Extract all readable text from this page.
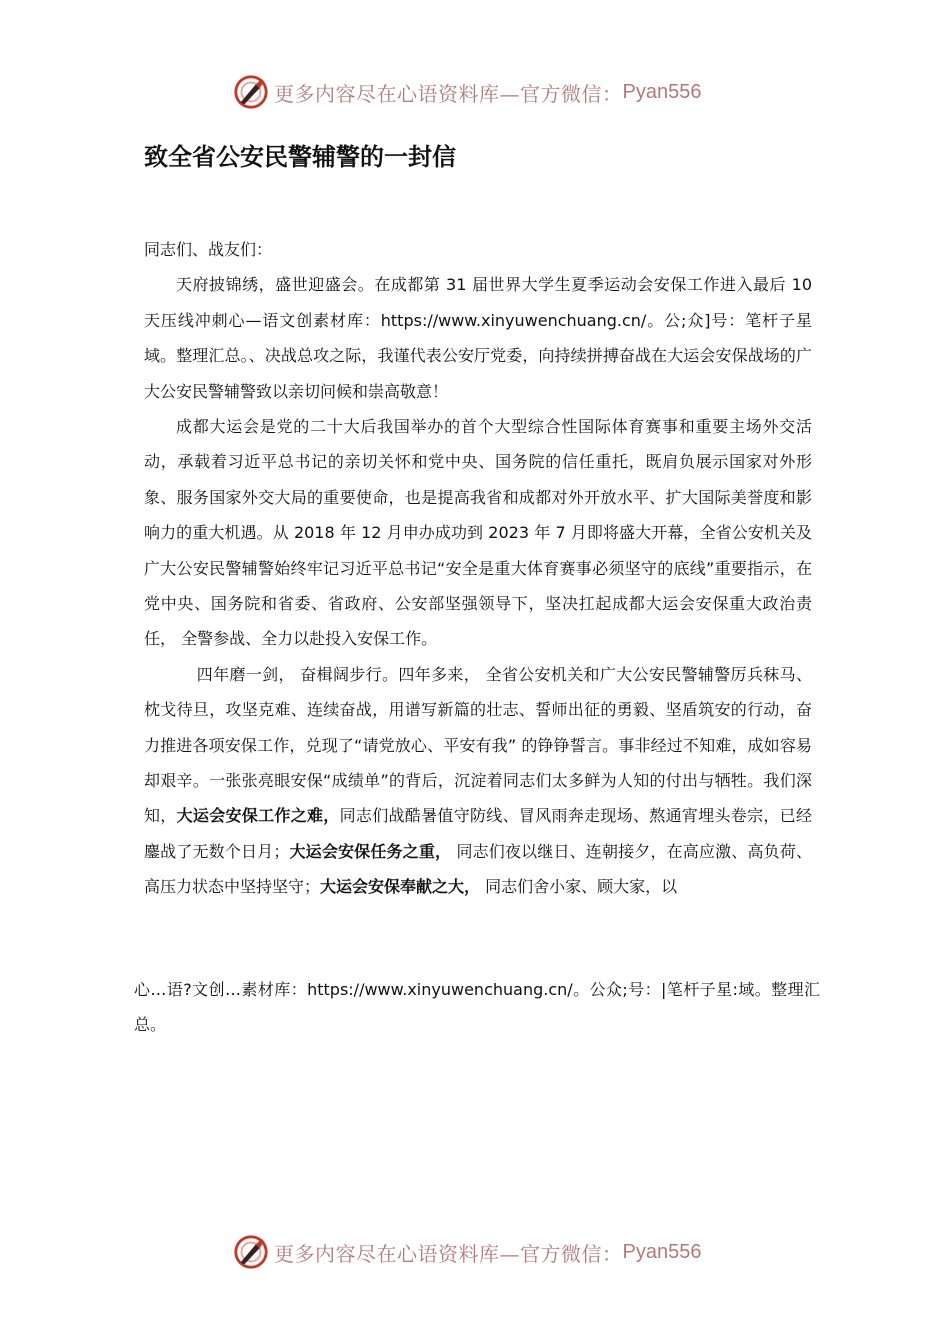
更多内容尽在心语资料库—官方微信： Pyan556
致全省公安民警辅警的一封信

同志们、战友们：

天府披锦绣，盛世迎盛会。在成都第 31 届世界大学生夏季运动会安保工作进入最后 10 天压线冲刺心—语文创素材库：https://www.xinyuwenchuang.cn/。公;众]号：笔杆子星域。整理汇总。、决战总攻之际，我谨代表公安厅党委，向持续拼搏奋战在大运会安保战场的广大公安民警辅警致以亲切问候和崇高敬意！

成都大运会是党的二十大后我国举办的首个大型综合性国际体育赛事和重要主场外交活动，承载着习近平总书记的亲切关怀和党中央、国务院的信任重托，既肩负展示国家对外形象、服务国家外交大局的重要使命，也是提高我省和成都对外开放水平、扩大国际美誉度和影响力的重大机遇。从 2018 年 12 月申办成功到 2023 年 7 月即将盛大开幕，全省公安机关及广大公安民警辅警始终牢记习近平总书记“安全是重大体育赛事必须坚守的底线”重要指示，在党中央、国务院和省委、省政府、公安部坚强领导下，坚决扛起成都大运会安保重大政治责任， 全警参战、全力以赴投入安保工作。

四年磨一剑， 奋楫阔步行。四年多来， 全省公安机关和广大公安民警辅警厉兵秣马、枕戈待旦，攻坚克难、连续奋战，用谱写新篇的壮志、誓师出征的勇毅、坚盾筑安的行动，奋力推进各项安保工作，兑现了“请党放心、平安有我” 的铮铮誓言。事非经过不知难，成如容易却艰辛。一张张亮眼安保“成绩单”的背后，沉淀着同志们太多鲜为人知的付出与牺牲。我们深知，大运会安保工作之难，同志们战酷暑值守防线、冒风雨奔走现场、熬通宵埋头卷宗，已经鏖战了无数个日月；大运会安保任务之重， 同志们夜以继日、连朝接夕，在高应激、高负荷、高压力状态中坚持坚守；大运会安保奉献之大， 同志们舍小家、顾大家，以

心…语?文创…素材库：https://www.xinyuwenchuang.cn/。公众;号：|笔杆子星:域。整理汇总。

更多内容尽在心语资料库—官方微信： Pyan556
